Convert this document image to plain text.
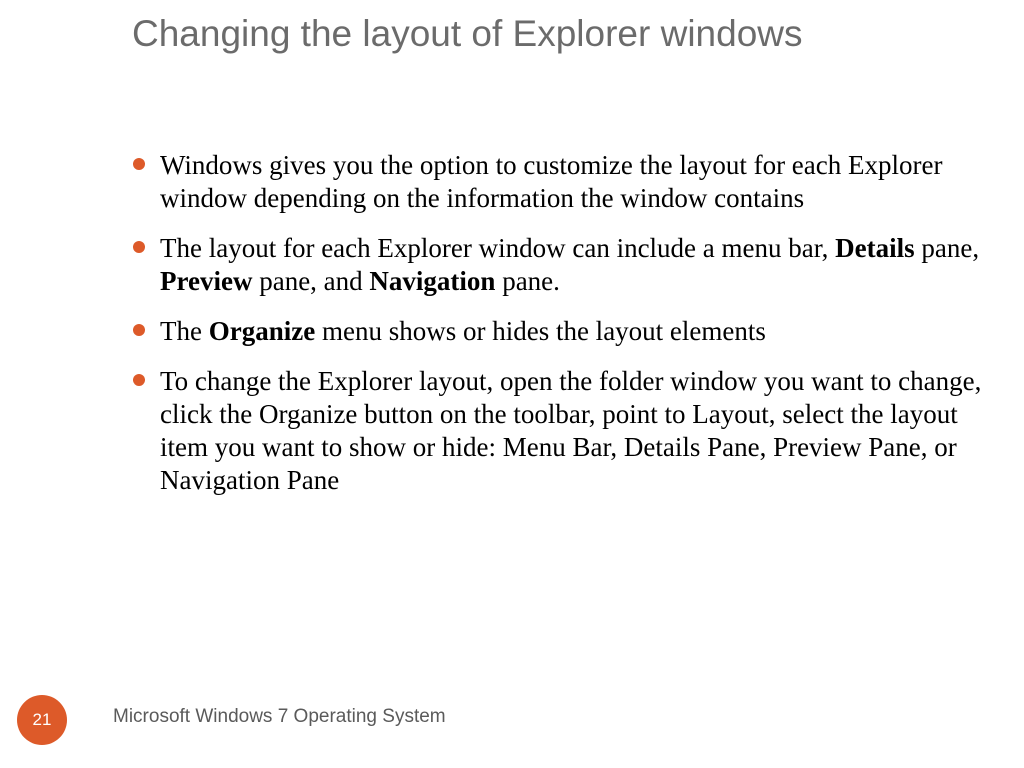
Changing the layout of Explorer windows
Windows gives you the option to customize the layout for each Explorer window depending on the information the window contains
The layout for each Explorer window can include a menu bar, Details pane, Preview pane, and Navigation pane.
The Organize menu shows or hides the layout elements
To change the Explorer layout, open the folder window you want to change, click the Organize button on the toolbar, point to Layout, select the layout item you want to show or hide: Menu Bar, Details Pane, Preview Pane, or Navigation Pane
21	Microsoft Windows 7 Operating System
